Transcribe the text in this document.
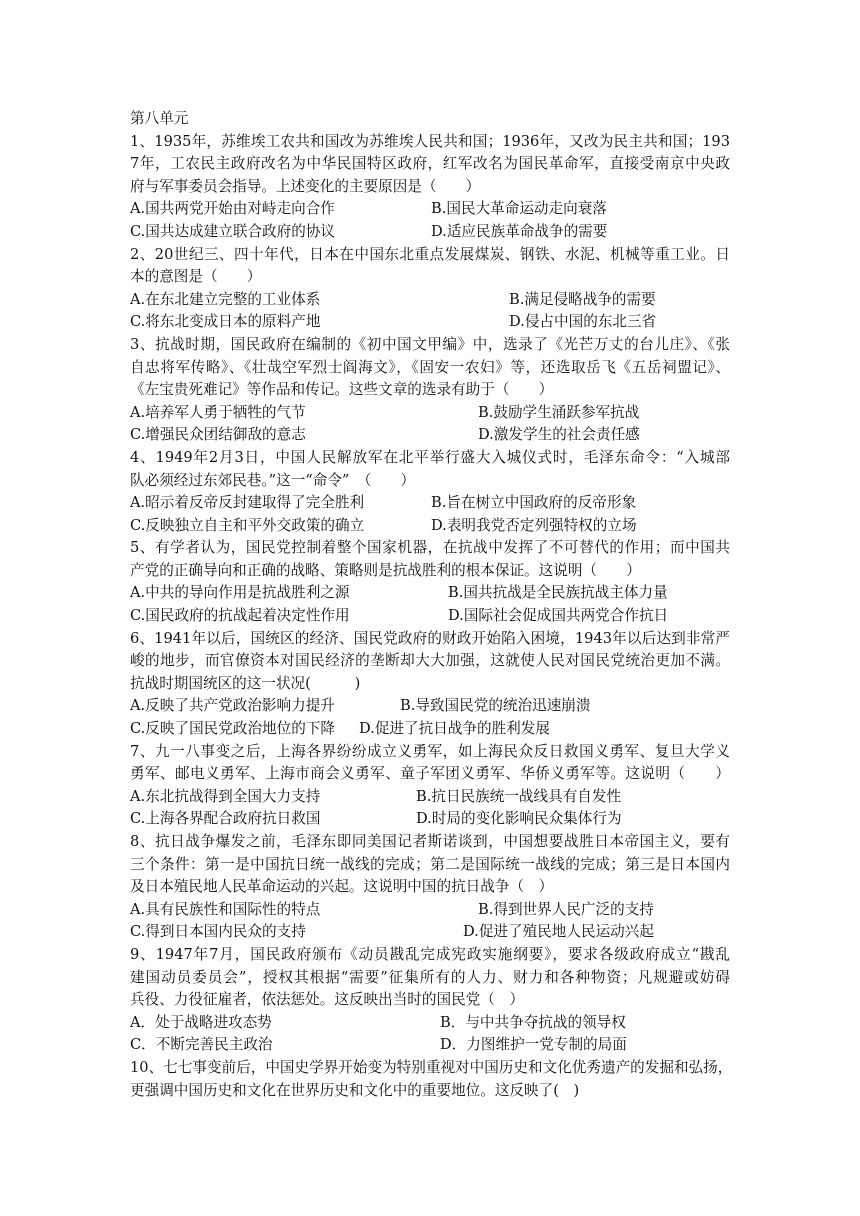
第八单元
1、1935年，苏维埃工农共和国改为苏维埃人民共和国；1936年，又改为民主共和国；193
7年，工农民主政府改名为中华民国特区政府，红军改名为国民革命军，直接受南京中央政
府与军事委员会指导。上述变化的主要原因是（　　）
A.国共两党开始由对峙走向合作	B.国民大革命运动走向衰落
C.国共达成建立联合政府的协议	D.适应民族革命战争的需要
2、20世纪三、四十年代，日本在中国东北重点发展煤炭、钢铁、水泥、机械等重工业。日
本的意图是（　　）
A.在东北建立完整的工业体系	B.满足侵略战争的需要
C.将东北变成日本的原料产地	D.侵占中国的东北三省
3、抗战时期，国民政府在编制的《初中国文甲编》中，选录了《光芒万丈的台儿庄》、《张
自忠将军传略》、《壮哉空军烈士阎海文》，《固安一农妇》等，还选取岳飞《五岳祠盟记》、
《左宝贵死难记》等作品和传记。这些文章的选录有助于（　　）
A.培养军人勇于牺牲的气节	B.鼓励学生涌跃参军抗战
C.增强民众团结御敌的意志	D.激发学生的社会责任感
4、1949年2月3日，中国人民解放军在北平举行盛大入城仪式时，毛泽东命令：“入城部
队必须经过东郊民巷。”这一“命令”　（　　）
A.昭示着反帝反封建取得了完全胜利	B.旨在树立中国政府的反帝形象
C.反映独立自主和平外交政策的确立	D.表明我党否定列强特权的立场
5、有学者认为，国民党控制着整个国家机器，在抗战中发挥了不可替代的作用；而中国共
产党的正确导向和正确的战略、策略则是抗战胜利的根本保证。这说明（　　）
A.中共的导向作用是抗战胜利之源	B.国共抗战是全民族抗战主体力量
C.国民政府的抗战起着决定性作用	D.国际社会促成国共两党合作抗日
6、1941年以后，国统区的经济、国民党政府的财政开始陷入困境，1943年以后达到非常严
峻的地步，而官僚资本对国民经济的垄断却大大加强，这就使人民对国民党统治更加不满。
抗战时期国统区的这一状况(　　　)
A.反映了共产党政治影响力提升	B.导致国民党的统治迅速崩溃
C.反映了国民党政治地位的下降 D.促进了抗日战争的胜利发展
7、九一八事变之后，上海各界纷纷成立义勇军，如上海民众反日救国义勇军、复旦大学义
勇军、邮电义勇军、上海市商会义勇军、童子军团义勇军、华侨义勇军等。这说明（　　）
A.东北抗战得到全国大力支持	B.抗日民族统一战线具有自发性
C.上海各界配合政府抗日救国	D.时局的变化影响民众集体行为
8、抗日战争爆发之前，毛泽东即同美国记者斯诺谈到，中国想要战胜日本帝国主义，要有
三个条件：第一是中国抗日统一战线的完成；第二是国际统一战线的完成；第三是日本国内
及日本殖民地人民革命运动的兴起。这说明中国的抗日战争（　）
A.具有民族性和国际性的特点	B.得到世界人民广泛的支持
C.得到日本国内民众的支持	D.促进了殖民地人民运动兴起
9、1947年7月，国民政府颁布《动员戡乱完成宪政实施纲要》，要求各级政府成立“戡乱
建国动员委员会”，授权其根据“需要”征集所有的人力、财力和各种物资；凡规避或妨碍
兵役、力役征雇者，依法惩处。这反映出当时的国民党（　）
A．处于战略进攻态势	B．与中共争夺抗战的领导权
C．不断完善民主政治	D．力图维护一党专制的局面
10、七七事变前后，中国史学界开始变为特别重视对中国历史和文化优秀遗产的发掘和弘扬，
更强调中国历史和文化在世界历史和文化中的重要地位。这反映了(　)
